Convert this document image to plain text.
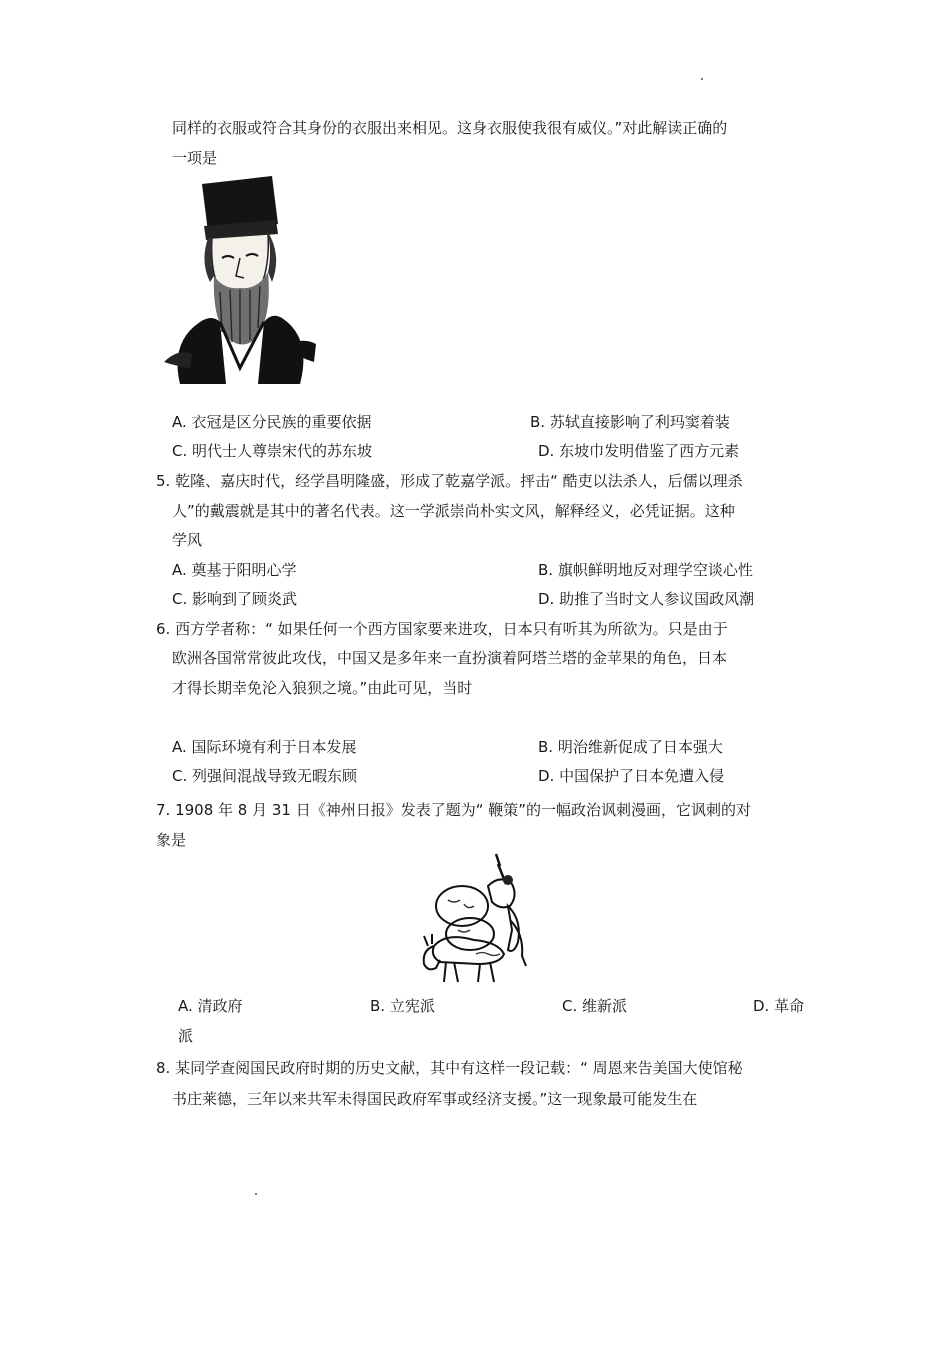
同样的衣服或符合其身份的衣服出来相见。这身衣服使我很有威仪。”对此解读正确的
一项是
A. 衣冠是区分民族的重要依据	B. 苏轼直接影响了利玛窦着装
C. 明代士人尊崇宋代的苏东坡	D. 东坡巾发明借鉴了西方元素
5. 乾隆、嘉庆时代，经学昌明隆盛，形成了乾嘉学派。抨击“ 酷吏以法杀人，后儒以理杀
人”的戴震就是其中的著名代表。这一学派崇尚朴实文风，解释经义，必凭证据。这种
学风
A. 奠基于阳明心学	B. 旗帜鲜明地反对理学空谈心性
C. 影响到了顾炎武	D. 助推了当时文人参议国政风潮
6. 西方学者称：“ 如果任何一个西方国家要来进攻，日本只有听其为所欲为。只是由于
欧洲各国常常彼此攻伐，中国又是多年来一直扮演着阿塔兰塔的金苹果的角色，日本
才得长期幸免沦入狼狈之境。”由此可见，当时
A. 国际环境有利于日本发展	B. 明治维新促成了日本强大
C. 列强间混战导致无暇东顾	D. 中国保护了日本免遭入侵
7. 1908 年 8 月 31 日《神州日报》发表了题为“ 鞭策”的一幅政治讽刺漫画，它讽刺的对
象是
A. 清政府	B. 立宪派	C. 维新派	D. 革命
派
8. 某同学查阅国民政府时期的历史文献，其中有这样一段记载：“ 周恩来告美国大使馆秘
书庄莱德，三年以来共军未得国民政府军事或经济支援。”这一现象最可能发生在
